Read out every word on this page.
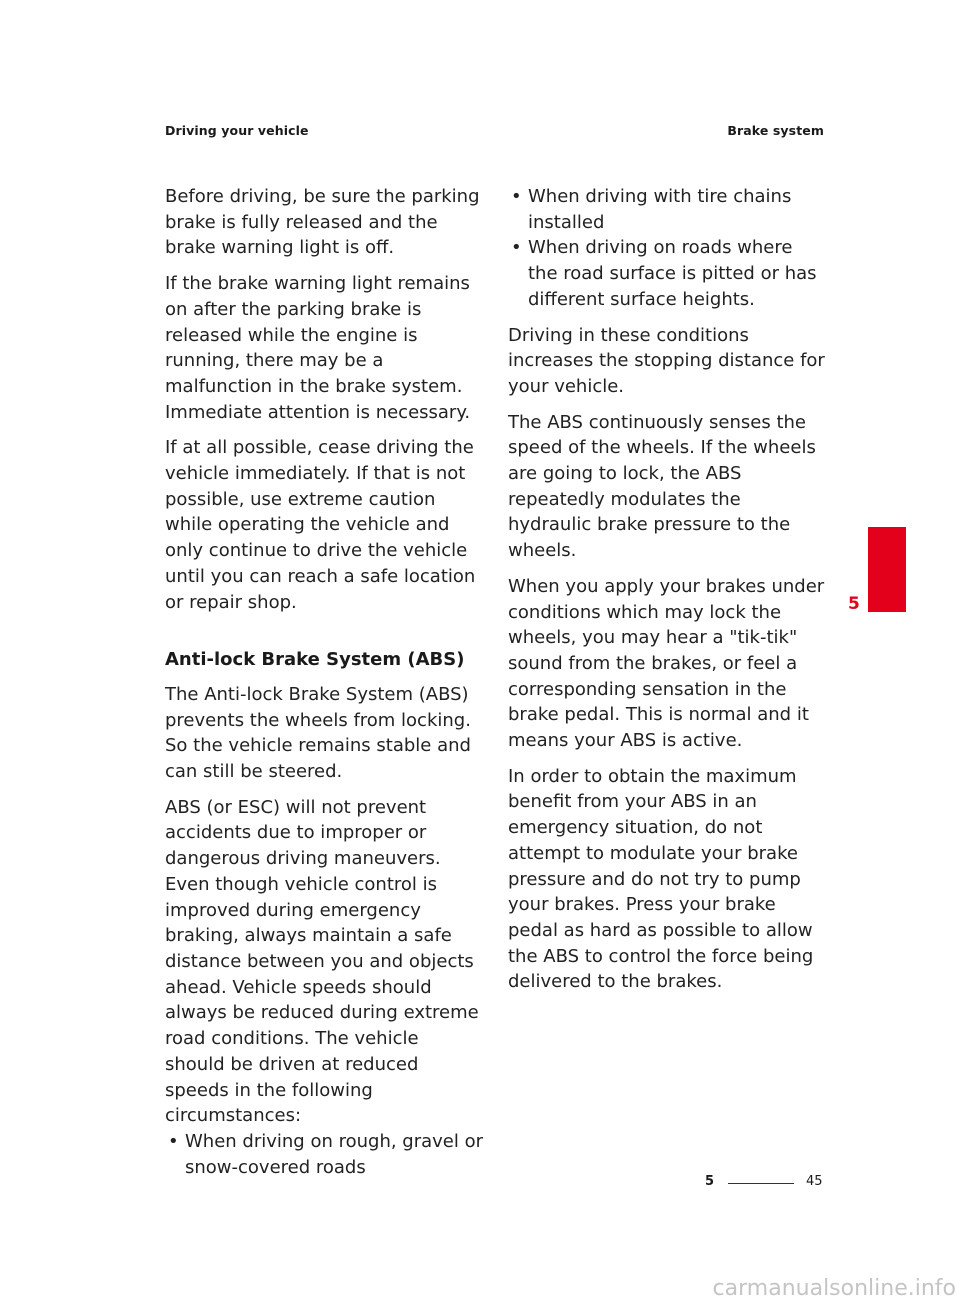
Driving your vehicle	Brake system

Before driving, be sure the parking brake is fully released and the brake warning light is off.

If the brake warning light remains on after the parking brake is released while the engine is running, there may be a malfunction in the brake system. Immediate attention is necessary.

If at all possible, cease driving the vehicle immediately. If that is not possible, use extreme caution while operating the vehicle and only continue to drive the vehicle until you can reach a safe location or repair shop.

Anti-lock Brake System (ABS)

The Anti-lock Brake System (ABS) prevents the wheels from locking. So the vehicle remains stable and can still be steered.

ABS (or ESC) will not prevent accidents due to improper or dangerous driving maneuvers. Even though vehicle control is improved during emergency braking, always maintain a safe distance between you and objects ahead. Vehicle speeds should always be reduced during extreme road conditions. The vehicle should be driven at reduced speeds in the following circumstances:

• When driving on rough, gravel or snow-covered roads
• When driving with tire chains installed
• When driving on roads where the road surface is pitted or has different surface heights.

Driving in these conditions increases the stopping distance for your vehicle.

The ABS continuously senses the speed of the wheels. If the wheels are going to lock, the ABS repeatedly modulates the hydraulic brake pressure to the wheels.

When you apply your brakes under conditions which may lock the wheels, you may hear a "tik-tik" sound from the brakes, or feel a corresponding sensation in the brake pedal. This is normal and it means your ABS is active.

In order to obtain the maximum benefit from your ABS in an emergency situation, do not attempt to modulate your brake pressure and do not try to pump your brakes. Press your brake pedal as hard as possible to allow the ABS to control the force being delivered to the brakes.

5
5	45
carmanualsonline.info
